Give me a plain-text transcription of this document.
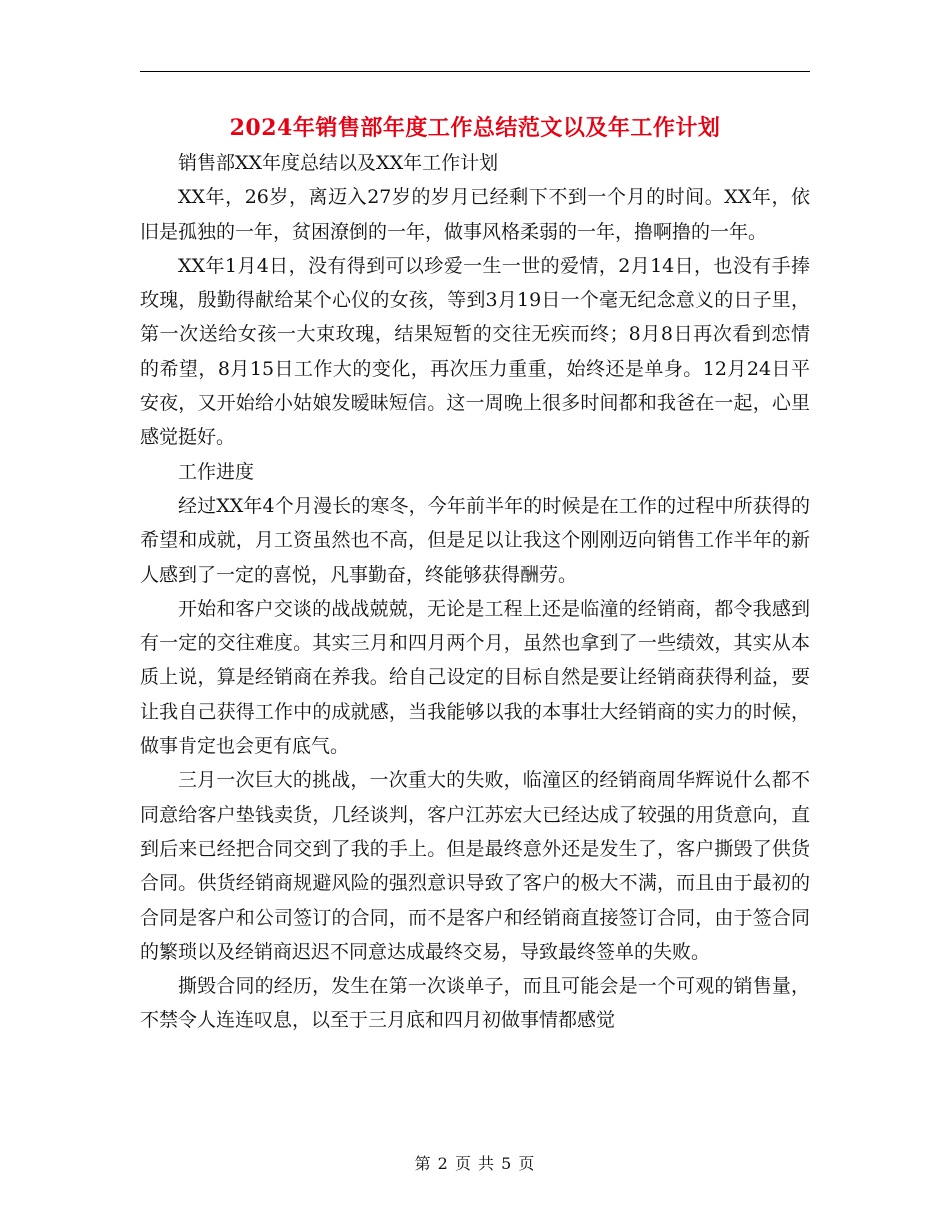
2024年销售部年度工作总结范文以及年工作计划

销售部XX年度总结以及XX年工作计划

XX年，26岁，离迈入27岁的岁月已经剩下不到一个月的时间。XX年，依旧是孤独的一年，贫困潦倒的一年，做事风格柔弱的一年，撸啊撸的一年。

XX年1月4日，没有得到可以珍爱一生一世的爱情，2月14日，也没有手捧玫瑰，殷勤得献给某个心仪的女孩，等到3月19日一个毫无纪念意义的日子里，第一次送给女孩一大束玫瑰，结果短暂的交往无疾而终；8月8日再次看到恋情的希望，8月15日工作大的变化，再次压力重重，始终还是单身。12月24日平安夜，又开始给小姑娘发暧昧短信。这一周晚上很多时间都和我爸在一起，心里感觉挺好。

工作进度

经过XX年4个月漫长的寒冬，今年前半年的时候是在工作的过程中所获得的希望和成就，月工资虽然也不高，但是足以让我这个刚刚迈向销售工作半年的新人感到了一定的喜悦，凡事勤奋，终能够获得酬劳。

开始和客户交谈的战战兢兢，无论是工程上还是临潼的经销商，都令我感到有一定的交往难度。其实三月和四月两个月，虽然也拿到了一些绩效，其实从本质上说，算是经销商在养我。给自己设定的目标自然是要让经销商获得利益，要让我自己获得工作中的成就感，当我能够以我的本事壮大经销商的实力的时候，做事肯定也会更有底气。

三月一次巨大的挑战，一次重大的失败，临潼区的经销商周华辉说什么都不同意给客户垫钱卖货，几经谈判，客户江苏宏大已经达成了较强的用货意向，直到后来已经把合同交到了我的手上。但是最终意外还是发生了，客户撕毁了供货合同。供货经销商规避风险的强烈意识导致了客户的极大不满，而且由于最初的合同是客户和公司签订的合同，而不是客户和经销商直接签订合同，由于签合同的繁琐以及经销商迟迟不同意达成最终交易，导致最终签单的失败。

撕毁合同的经历，发生在第一次谈单子，而且可能会是一个可观的销售量，不禁令人连连叹息，以至于三月底和四月初做事情都感觉

第 2 页 共 5 页
